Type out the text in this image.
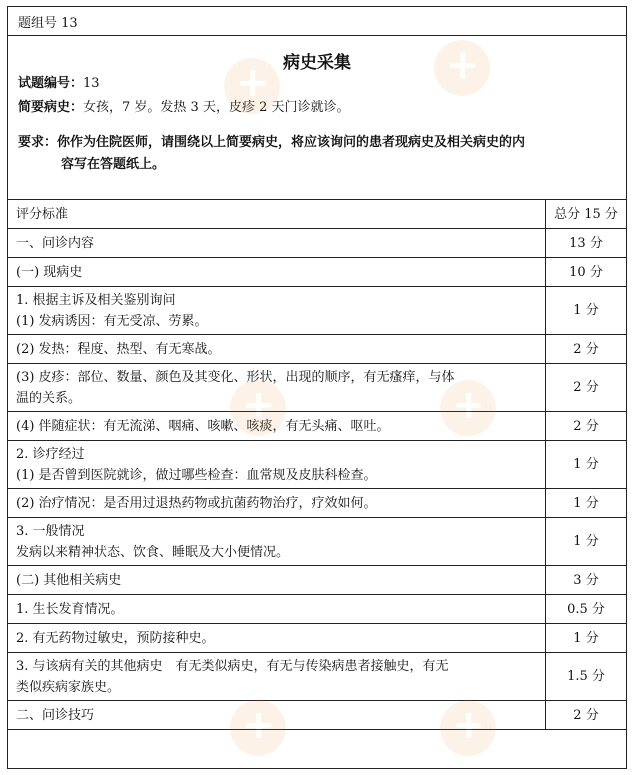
题组号 13
病史采集
试题编号：13
简要病史：女孩，7 岁。发热 3 天，皮疹 2 天门诊就诊。
要求：你作为住院医师，请围绕以上简要病史，将应该询问的患者现病史及相关病史的内
容写在答题纸上。
评分标准	总分 15 分

一、问诊内容	13 分

(一) 现病史	10 分

1. 根据主诉及相关鉴别询问
(1) 发病诱因：有无受凉、劳累。	1 分

(2) 发热：程度、热型、有无寒战。	2 分

(3) 皮疹：部位、数量、颜色及其变化、形状，出现的顺序，有无瘙痒，与体
温的关系。	2 分

(4) 伴随症状：有无流涕、咽痛、咳嗽、咳痰，有无头痛、呕吐。	2 分

2. 诊疗经过
(1) 是否曾到医院就诊，做过哪些检查：血常规及皮肤科检查。	1 分

(2) 治疗情况：是否用过退热药物或抗菌药物治疗，疗效如何。	1 分

3. 一般情况
发病以来精神状态、饮食、睡眠及大小便情况。	1 分

(二) 其他相关病史	3 分

1. 生长发育情况。	0.5 分

2. 有无药物过敏史，预防接种史。	1 分

3. 与该病有关的其他病史　有无类似病史，有无与传染病患者接触史，有无
类似疾病家族史。	1.5 分

二、问诊技巧	2 分
+	+
+	+
+	+
